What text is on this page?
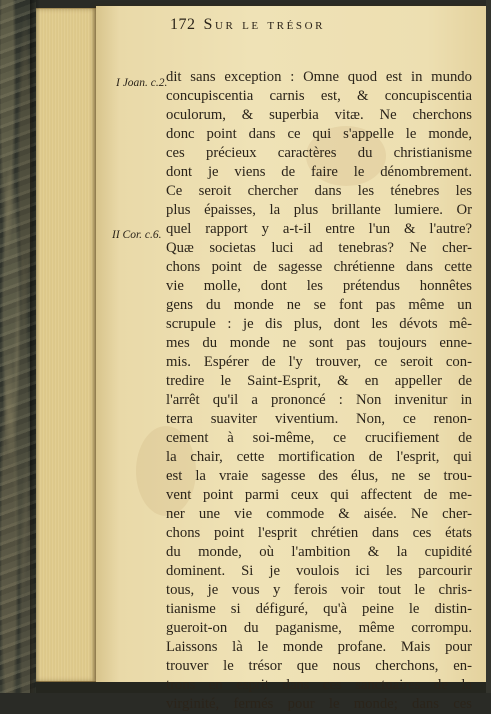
172 Sur le trésor
I Joan. c.2.
II Cor. c.6.
dit sans exception : Omne quod est in mundo
concupiscentia carnis est, & concupiscentia
oculorum, & superbia vitæ. Ne cherchons
donc point dans ce qui s'appelle le monde,
ces précieux caractères du christianisme
dont je viens de faire le dénombrement.
Ce seroit chercher dans les ténebres les
plus épaisses, la plus brillante lumiere. Or
quel rapport y a-t-il entre l'un & l'autre?
Quæ societas luci ad tenebras? Ne cher-
chons point de sagesse chrétienne dans cette
vie molle, dont les prétendus honnêtes
gens du monde ne se font pas même un
scrupule : je dis plus, dont les dévots mê-
mes du monde ne sont pas toujours enne-
mis. Espérer de l'y trouver, ce seroit con-
tredire le Saint-Esprit, & en appeller de
l'arrêt qu'il a prononcé : Non invenitur in
terra suaviter viventium. Non, ce renon-
cement à soi-même, ce crucifiement de
la chair, cette mortification de l'esprit, qui
est la vraie sagesse des élus, ne se trou-
vent point parmi ceux qui affectent de me-
ner une vie commode & aisée. Ne cher-
chons point l'esprit chrétien dans ces états
du monde, où l'ambition & la cupidité
dominent. Si je voulois ici les parcourir
tous, je vous y ferois voir tout le chris-
tianisme si défiguré, qu'à peine le distin-
gueroit-on du paganisme, même corrompu.
Laissons là le monde profane. Mais pour
trouver le trésor que nous cherchons, en-
trons en esprit dans ces sanctuaires de la
virginité, fermés pour le monde; dans ces
